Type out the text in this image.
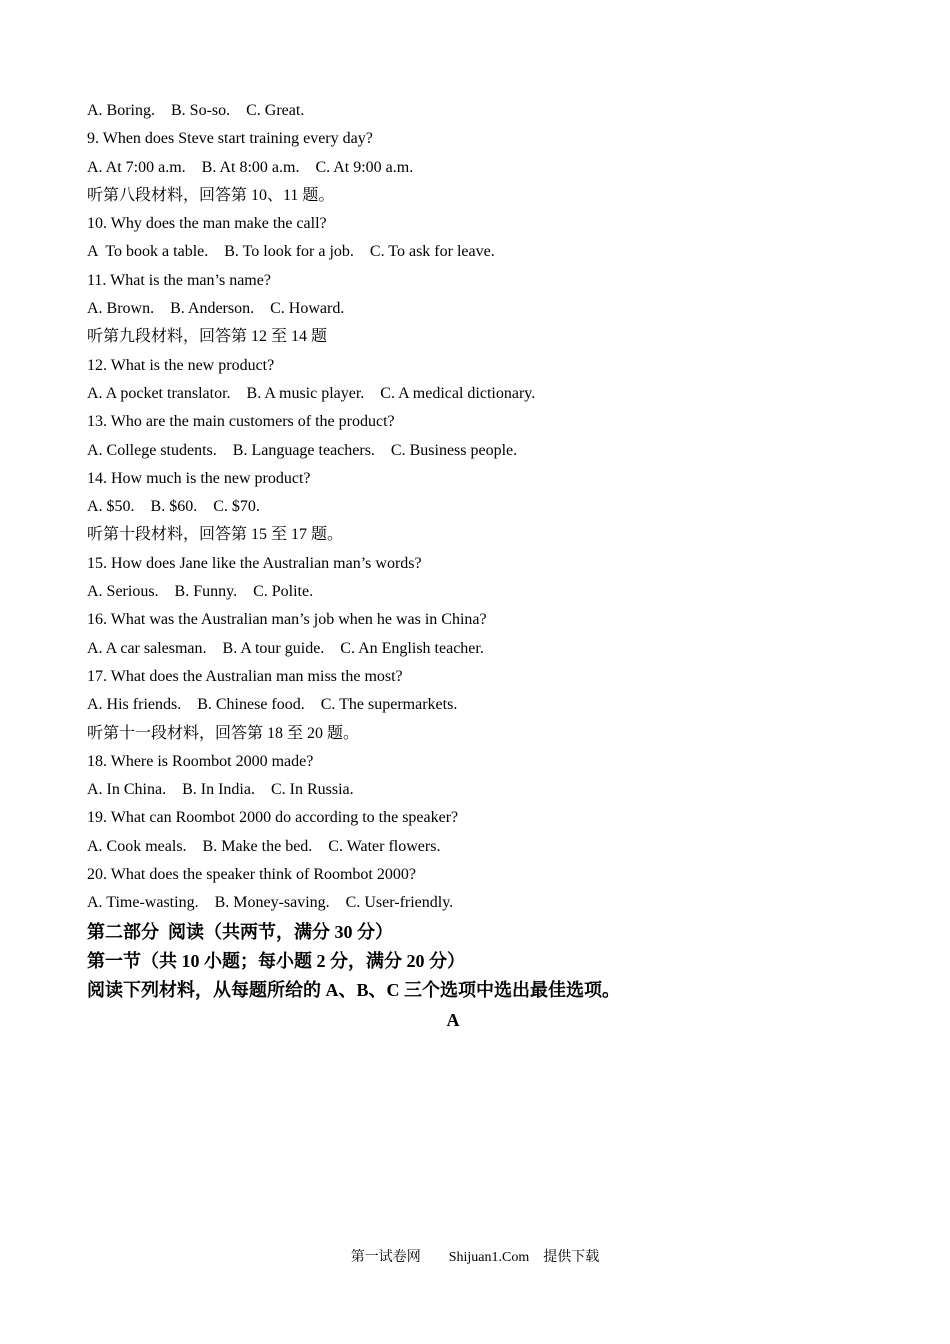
A. Boring.    B. So-so.    C. Great.
9. When does Steve start training every day?
A. At 7:00 a.m.    B. At 8:00 a.m.    C. At 9:00 a.m.
听第八段材料，回答第 10、11 题。
10. Why does the man make the call?
A  To book a table.    B. To look for a job.    C. To ask for leave.
11. What is the man’s name?
A. Brown.    B. Anderson.    C. Howard.
听第九段材料，回答第 12 至 14 题
12. What is the new product?
A. A pocket translator.    B. A music player.    C. A medical dictionary.
13. Who are the main customers of the product?
A. College students.    B. Language teachers.    C. Business people.
14. How much is the new product?
A. $50.    B. $60.    C. $70.
听第十段材料，回答第 15 至 17 题。
15. How does Jane like the Australian man’s words?
A. Serious.    B. Funny.    C. Polite.
16. What was the Australian man’s job when he was in China?
A. A car salesman.    B. A tour guide.    C. An English teacher.
17. What does the Australian man miss the most?
A. His friends.    B. Chinese food.    C. The supermarkets.
听第十一段材料，回答第 18 至 20 题。
18. Where is Roombot 2000 made?
A. In China.    B. In India.    C. In Russia.
19. What can Roombot 2000 do according to the speaker?
A. Cook meals.    B. Make the bed.    C. Water flowers.
20. What does the speaker think of Roombot 2000?
A. Time-wasting.    B. Money-saving.    C. User-friendly.
第二部分  阅读（共两节，满分 30 分）
第一节（共 10 小题；每小题 2 分，满分 20 分）
阅读下列材料，从每题所给的 A、B、C 三个选项中选出最佳选项。
A
第一试卷网        Shijuan1.Com    提供下载
